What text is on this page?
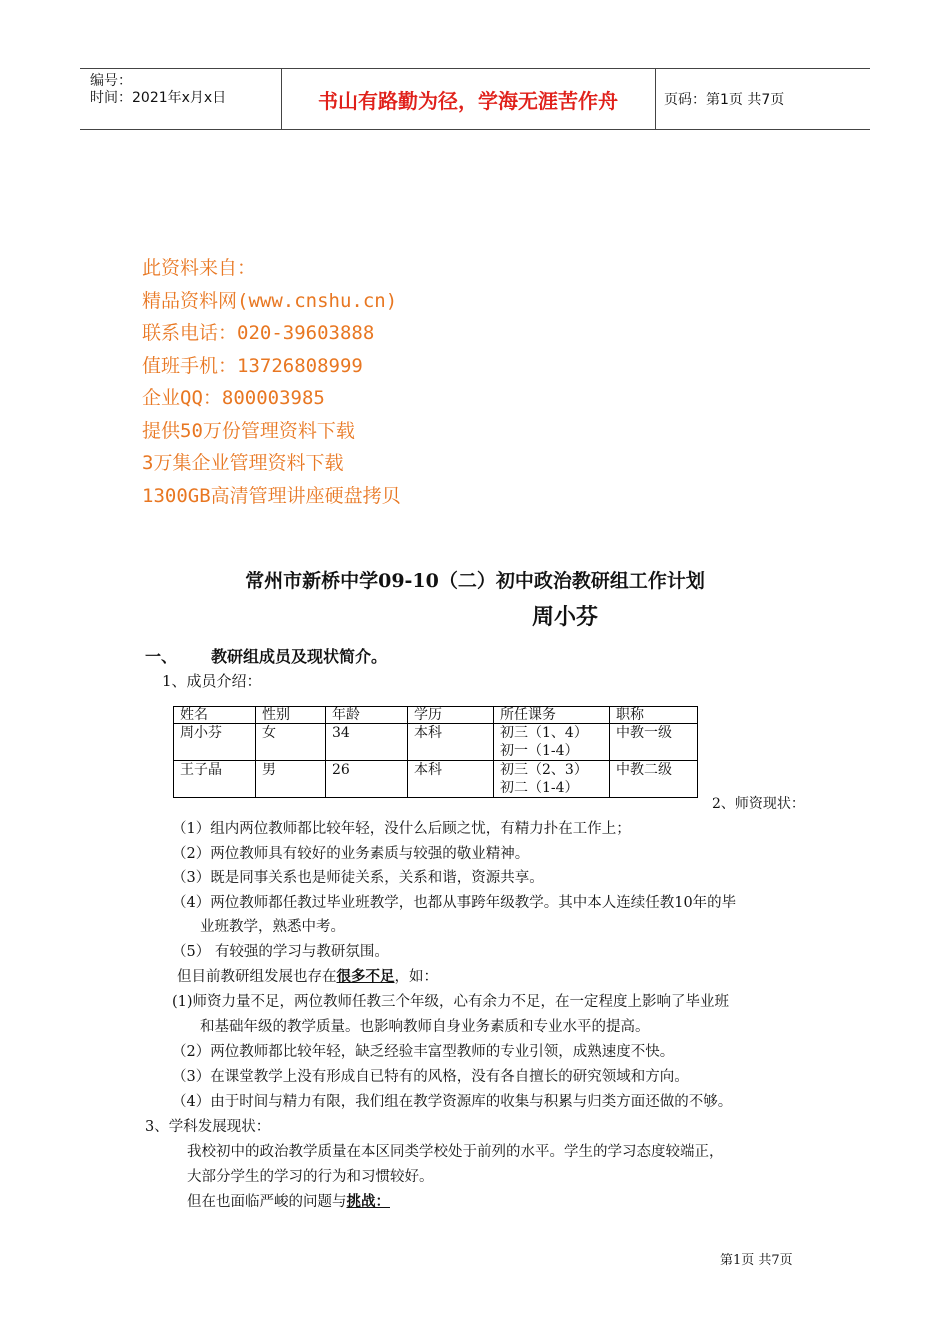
编号：
时间：2021年x月x日	书山有路勤为径，学海无涯苦作舟	页码：第1页 共7页
此资料来自：
精品资料网(www.cnshu.cn)
联系电话：020-39603888
值班手机：13726808999
企业QQ：800003985
提供50万份管理资料下载
3万集企业管理资料下载
1300GB高清管理讲座硬盘拷贝
常州市新桥中学09-10（二）初中政治教研组工作计划
周小芬
一、 教研组成员及现状简介。
1、成员介绍：
姓名	性别	年龄	学历	所任课务	职称
周小芬	女	34	本科	初三（1、4）
初一（1-4）	中教一级
王子晶	男	26	本科	初三（2、3）
初二（1-4）	中教二级
2、师资现状：
（1）组内两位教师都比较年轻，没什么后顾之忧，有精力扑在工作上；
（2）两位教师具有较好的业务素质与较强的敬业精神。
（3）既是同事关系也是师徒关系，关系和谐，资源共享。
（4）两位教师都任教过毕业班教学，也都从事跨年级教学。其中本人连续任教10年的毕
业班教学，熟悉中考。
（5） 有较强的学习与教研氛围。
但目前教研组发展也存在很多不足，如：
(1)师资力量不足，两位教师任教三个年级，心有余力不足，在一定程度上影响了毕业班
和基础年级的教学质量。也影响教师自身业务素质和专业水平的提高。
（2）两位教师都比较年轻，缺乏经验丰富型教师的专业引领，成熟速度不快。
（3）在课堂教学上没有形成自已特有的风格，没有各自擅长的研究领域和方向。
（4）由于时间与精力有限，我们组在教学资源库的收集与积累与归类方面还做的不够。
3、学科发展现状：
我校初中的政治教学质量在本区同类学校处于前列的水平。学生的学习态度较端正，
大部分学生的学习的行为和习惯较好。
但在也面临严峻的问题与挑战：
第1页 共7页
